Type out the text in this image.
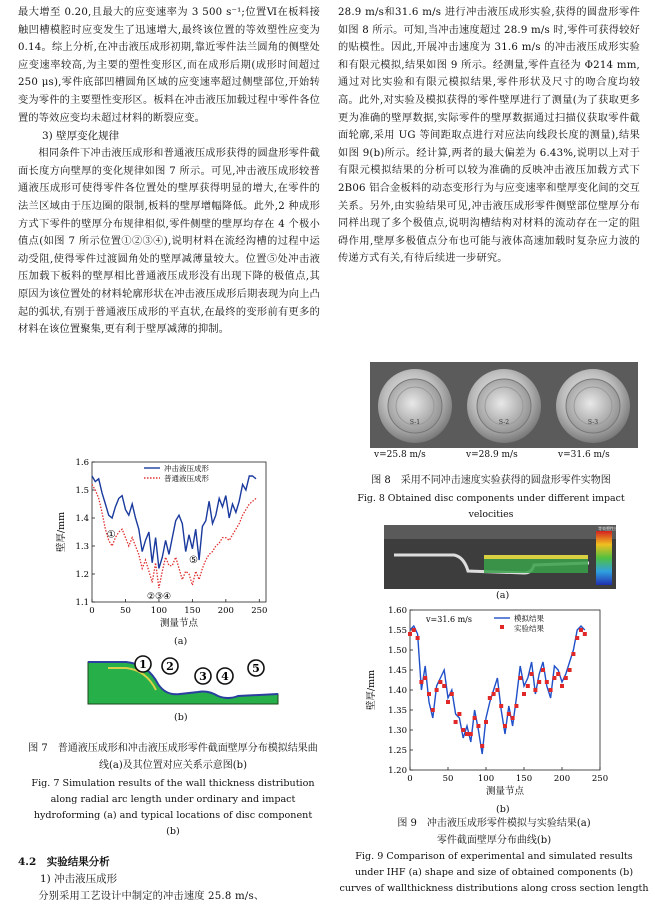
最大增至 0.20,且最大的应变速率为 3 500 s⁻¹;位置Ⅵ在板料接触凹槽模腔时应变发生了迅速增大,最终该位置的等效塑性应变为 0.14。综上分析,在冲击液压成形初期,靠近零件法兰圆角的侧壁处应变速率较高,为主要的塑性变形区,而在成形后期(成形时间超过 250 μs),零件底部凹槽圆角区域的应变速率超过侧壁部位,开始转变为零件的主要塑性变形区。板料在冲击液压加载过程中零件各位置的等效应变均未超过材料的断裂应变。

3) 壁厚变化规律

相同条件下冲击液压成形和普通液压成形获得的圆盘形零件截面长度方向壁厚的变化规律如图 7 所示。可见,冲击液压成形较普通液压成形可使得零件各位置处的壁厚获得明显的增大,在零件的法兰区域由于压边圈的限制,板料的壁厚增幅降低。此外,2 种成形方式下零件的壁厚分布规律相似,零件侧壁的壁厚均存在 4 个极小值点(如图 7 所示位置①②③④),说明材料在流经沟槽的过程中运动受阻,使得零件过渡圆角处的壁厚减薄量较大。位置⑤处冲击液压加载下板料的壁厚相比普通液压成形没有出现下降的极值点,其原因为该位置处的材料轮廓形状在冲击液压成形后期表现为向上凸起的弧状,有别于普通液压成形的平直状,在最终的变形前有更多的材料在该位置聚集,更有利于壁厚减薄的抑制。

1.1
1.2
1.3
1.4
1.5
1.6
0	50 100 150 200 250
测量节点
壁厚/mm
冲击液压成形
普通液压成形
①
⑤
②③④
(a)
1 2
3 4
5
(b)

图 7　普通液压成形和冲击液压成形零件截面壁厚分布模拟结果曲线(a)及其位置对应关系示意图(b)

Fig. 7 Simulation results of the wall thickness distribution along radial arc length under ordinary and impact hydroforming (a) and typical locations of disc component (b)

4.2　实验结果分析

1) 冲击液压成形

分别采用工艺设计中制定的冲击速度 25.8 m/s、

28.9 m/s和31.6 m/s 进行冲击液压成形实验,获得的圆盘形零件如图 8 所示。可知,当冲击速度超过 28.9 m/s 时,零件可获得较好的贴模性。因此,开展冲击速度为 31.6 m/s 的冲击液压成形实验和有限元模拟,结果如图 9 所示。经测量,零件直径为 Φ214 mm,通过对比实验和有限元模拟结果,零件形状及尺寸的吻合度均较高。此外,对实验及模拟获得的零件壁厚进行了测量(为了获取更多更为准确的壁厚数据,实际零件的壁厚数据通过扫描仪获取零件截面轮廓,采用 UG 等间距取点进行对应法向线段长度的测量),结果如图 9(b)所示。经计算,两者的最大偏差为 6.43%,说明以上对于有限元模拟结果的分析可以较为准确的反映冲击液压加载方式下 2B06 铝合金板料的动态变形行为与应变速率和壁厚变化间的交互关系。另外,由实验结果可见,冲击液压成形零件侧壁部位壁厚分布同样出现了多个极值点,说明沟槽结构对材料的流动存在一定的阻碍作用,壁厚多极值点分布也可能与液体高速加载时复杂应力波的传递方式有关,有待后续进一步研究。

S-1	S-2	S-3
v=25.8 m/s	v=28.9 m/s	v=31.6 m/s

图 8　采用不同冲击速度实验获得的圆盘形零件实物图

Fig. 8 Obtained disc components under different impact velocities

等效塑性应变
(a)
1.20
1.25
1.30
1.35
1.40
1.45
1.50
1.55
1.60
0	50	100	150	200	250
测量节点
壁厚/mm
模拟结果
实验结果
v=31.6 m/s
(b)

图 9　冲击液压成形零件模拟与实验结果(a)

零件截面壁厚分布曲线(b)

Fig. 9 Comparison of experimental and simulated results

under IHF (a) shape and size of obtained components (b)

curves of wallthickness distributions along cross section length
